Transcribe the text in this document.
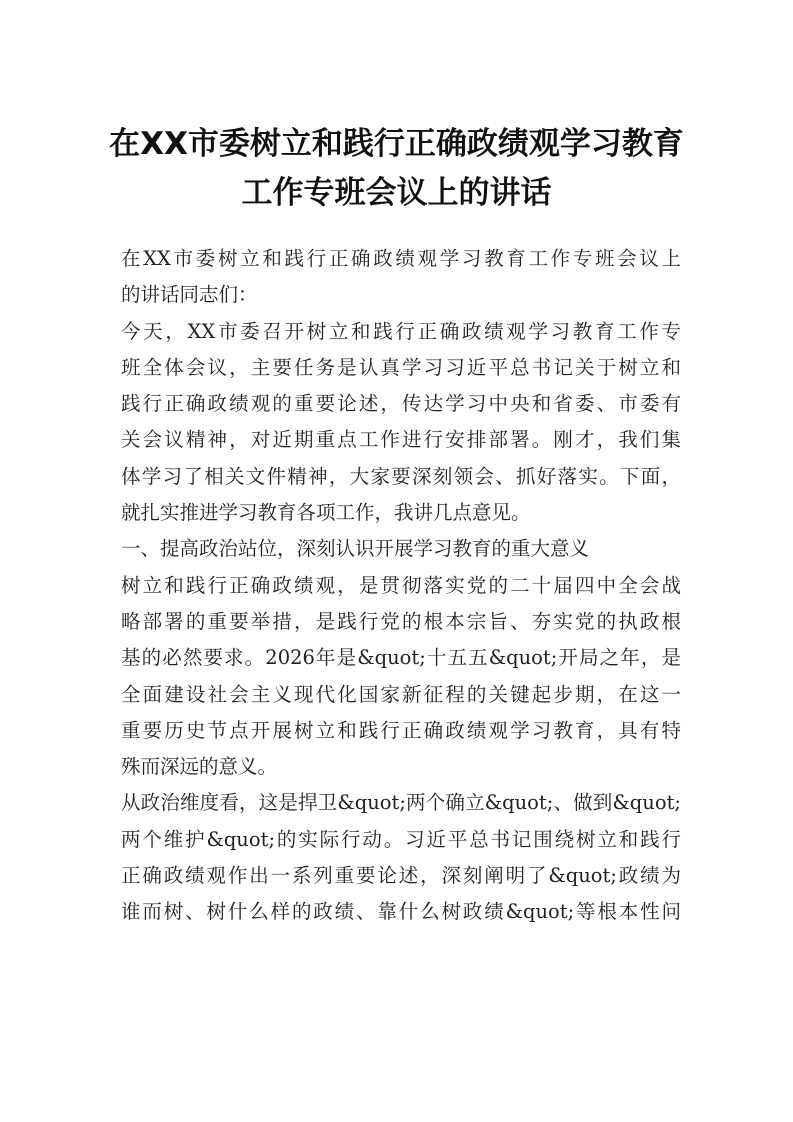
在XX市委树立和践行正确政绩观学习教育
工作专班会议上的讲话
在XX市委树立和践行正确政绩观学习教育工作专班会议上
的讲话同志们：
今天，XX市委召开树立和践行正确政绩观学习教育工作专
班全体会议，主要任务是认真学习习近平总书记关于树立和
践行正确政绩观的重要论述，传达学习中央和省委、市委有
关会议精神，对近期重点工作进行安排部署。刚才，我们集
体学习了相关文件精神，大家要深刻领会、抓好落实。下面，
就扎实推进学习教育各项工作，我讲几点意见。
一、提高政治站位，深刻认识开展学习教育的重大意义
树立和践行正确政绩观，是贯彻落实党的二十届四中全会战
略部署的重要举措，是践行党的根本宗旨、夯实党的执政根
基的必然要求。2026年是&quot;十五五&quot;开局之年，是
全面建设社会主义现代化国家新征程的关键起步期，在这一
重要历史节点开展树立和践行正确政绩观学习教育，具有特
殊而深远的意义。
从政治维度看，这是捍卫&quot;两个确立&quot;、做到&quot;
两个维护&quot;的实际行动。习近平总书记围绕树立和践行
正确政绩观作出一系列重要论述，深刻阐明了&quot;政绩为
谁而树、树什么样的政绩、靠什么树政绩&quot;等根本性问
